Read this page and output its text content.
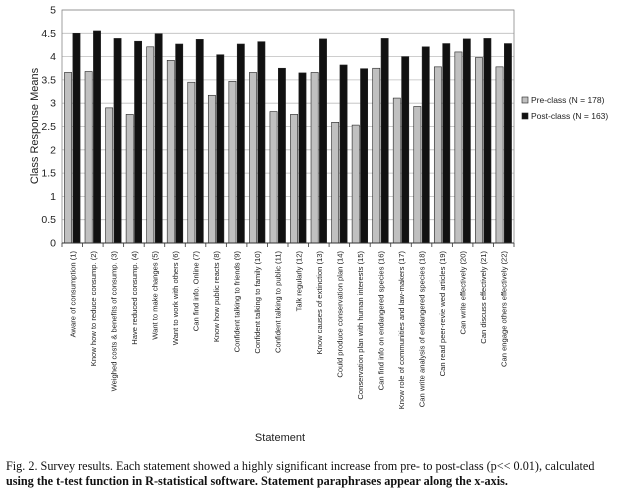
0
0.5
1
1.5
2
2.5
3
3.5
4
4.5
5
Aware of consumption (1) Know how to reduce consump. (2) Weighed costs & benefits of consump. (3) Have reduced consump. (4) Want to make changes (5) Want to work with others (6) Can find info. Online (7) Know how public reacts (8) Confident talking to friends (9) Confident talking to family (10) Confident talking to public (11) Talk regularly (12) Know causes of extinction (13) Could produce conservation plan (14) Conservation plan with human interests (15) Can find info on endangered species (16) Know role of communities and law-makers (17) Can write analysis of endangered species (18) Can read peer-revie wed articles (19) Can write effectively (20) Can discuss effectively (21) Can engage others effectively (22)
Class Response Means
Statement
Pre-class (N = 178)
Post-class (N = 163)
Fig. 2. Survey results. Each statement showed a highly significant increase from pre- to post-class (p<< 0.01), calculated
using the t-test function in R-statistical software. Statement paraphrases appear along the x-axis.
